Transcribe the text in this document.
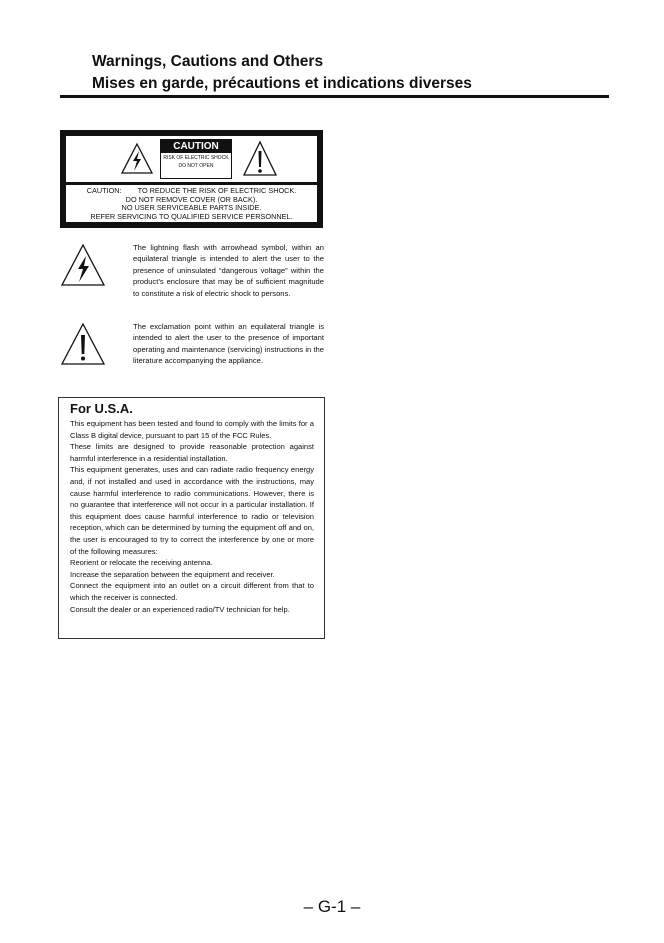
Warnings, Cautions and Others
Mises en garde, précautions et indications diverses
CAUTION
RISK OF ELECTRIC SHOCK
DO NOT OPEN
CAUTION:        TO REDUCE THE RISK OF ELECTRIC SHOCK.
DO NOT REMOVE COVER (OR BACK).
NO USER SERVICEABLE PARTS INSIDE.
REFER SERVICING TO QUALIFIED SERVICE PERSONNEL.

The lightning flash with arrowhead symbol, within an equilateral triangle is intended to alert the user to the presence of uninsulated “dangerous voltage” within the product’s enclosure that may be of sufficient magnitude to constitute a risk of electric shock to persons.

The exclamation point within an equilateral triangle is intended to alert the user to the presence of important operating and maintenance (servicing) instructions in the literature accompanying the appliance.

For U.S.A.

This equipment has been tested and found to comply with the limits for a Class B digital device, pursuant to part 15 of the FCC Rules.

These limits are designed to provide reasonable protection against harmful interference in a residential installation.

This equipment generates, uses and can radiate radio frequency energy and, if not installed and used in accordance with the instructions, may cause harmful interference to radio communications. However, there is no guarantee that interference will not occur in a particular installation. If this equipment does cause harmful interference to radio or television reception, which can be determined by turning the equipment off and on, the user is encouraged to try to correct the interference by one or more of the following measures:

Reorient or relocate the receiving antenna.

Increase the separation between the equipment and receiver.

Connect the equipment into an outlet on a circuit different from that to which the receiver is connected.

Consult the dealer or an experienced radio/TV technician for help.

– G-1 –
